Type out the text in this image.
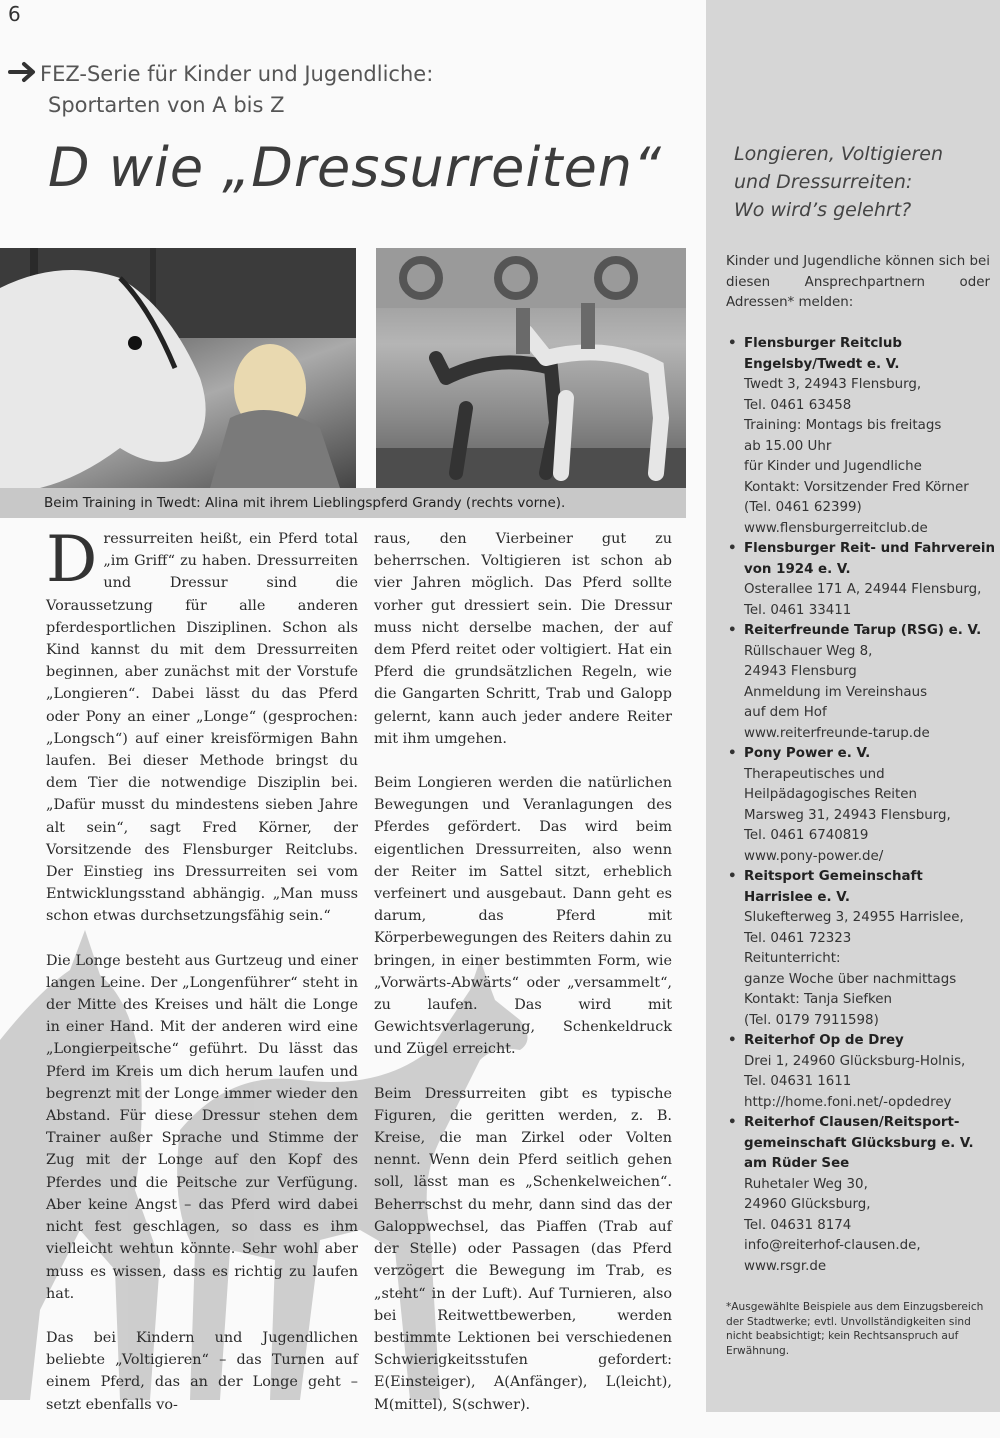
6
FEZ-Serie für Kinder und Jugendliche:
Sportarten von A bis Z
D wie „Dressurreiten“
Beim Training in Twedt: Alina mit ihrem Lieblingspferd Grandy (rechts vorne).

Dressurreiten heißt, ein Pferd total „im Griff“ zu haben. Dressurreiten und Dressur sind die Voraussetzung für alle anderen pferdesportlichen Disziplinen. Schon als Kind kannst du mit dem Dressurreiten beginnen, aber zunächst mit der Vorstufe „Longieren“. Dabei lässt du das Pferd oder Pony an einer „Longe“ (gesprochen: „Longsch“) auf einer kreisförmigen Bahn laufen. Bei dieser Methode bringst du dem Tier die notwendige Disziplin bei. „Dafür musst du mindestens sieben Jahre alt sein“, sagt Fred Körner, der Vorsitzende des Flensburger Reitclubs. Der Einstieg ins Dressurreiten sei vom Entwicklungsstand abhängig. „Man muss schon etwas durchsetzungsfähig sein.“

Die Longe besteht aus Gurtzeug und einer langen Leine. Der „Longenführer“ steht in der Mitte des Kreises und hält die Longe in einer Hand. Mit der anderen wird eine „Longierpeitsche“ geführt. Du lässt das Pferd im Kreis um dich herum laufen und begrenzt mit der Longe immer wieder den Abstand. Für diese Dressur stehen dem Trainer außer Sprache und Stimme der Zug mit der Longe auf den Kopf des Pferdes und die Peitsche zur Verfügung. Aber keine Angst – das Pferd wird dabei nicht fest geschlagen, so dass es ihm vielleicht wehtun könnte. Sehr wohl aber muss es wissen, dass es richtig zu laufen hat.

Das bei Kindern und Jugendlichen beliebte „Voltigieren“ – das Turnen auf einem Pferd, das an der Longe geht – setzt ebenfalls vo-

raus, den Vierbeiner gut zu beherrschen. Voltigieren ist schon ab vier Jahren möglich. Das Pferd sollte vorher gut dressiert sein. Die Dressur muss nicht derselbe machen, der auf dem Pferd reitet oder voltigiert. Hat ein Pferd die grundsätzlichen Regeln, wie die Gangarten Schritt, Trab und Galopp gelernt, kann auch jeder andere Reiter mit ihm umgehen.

Beim Longieren werden die natürlichen Bewegungen und Veranlagungen des Pferdes gefördert. Das wird beim eigentlichen Dressurreiten, also wenn der Reiter im Sattel sitzt, erheblich verfeinert und ausgebaut. Dann geht es darum, das Pferd mit Körperbewegungen des Reiters dahin zu bringen, in einer bestimmten Form, wie „Vorwärts-Abwärts“ oder „versammelt“, zu laufen. Das wird mit Gewichtsverlagerung, Schenkeldruck und Zügel erreicht.

Beim Dressurreiten gibt es typische Figuren, die geritten werden, z. B. Kreise, die man Zirkel oder Volten nennt. Wenn dein Pferd seitlich gehen soll, lässt man es „Schenkelweichen“. Beherrschst du mehr, dann sind das der Galoppwechsel, das Piaffen (Trab auf der Stelle) oder Passagen (das Pferd verzögert die Bewegung im Trab, es „steht“ in der Luft). Auf Turnieren, also bei Reitwettbewerben, werden bestimmte Lektionen bei verschiedenen Schwierigkeitsstufen gefordert: E(Einsteiger), A(Anfänger), L(leicht), M(mittel), S(schwer).

Longieren, Voltigieren
und Dressurreiten:
Wo wird’s gelehrt?
Kinder und Jugendliche können sich bei diesen Ansprechpartnern oder Adressen* melden:
• Flensburger Reitclub
Engelsby/Twedt e. V.
Twedt 3, 24943 Flensburg,
Tel. 0461 63458
Training: Montags bis freitags
ab 15.00 Uhr
für Kinder und Jugendliche
Kontakt: Vorsitzender Fred Körner
(Tel. 0461 62399)
www.flensburgerreitclub.de
• Flensburger Reit- und Fahrverein
von 1924 e. V.
Osterallee 171 A, 24944 Flensburg,
Tel. 0461 33411
• Reiterfreunde Tarup (RSG) e. V.
Rüllschauer Weg 8,
24943 Flensburg
Anmeldung im Vereinshaus
auf dem Hof
www.reiterfreunde-tarup.de
• Pony Power e. V.
Therapeutisches und
Heilpädagogisches Reiten
Marsweg 31, 24943 Flensburg,
Tel. 0461 6740819
www.pony-power.de/
• Reitsport Gemeinschaft
Harrislee e. V.
Slukefterweg 3, 24955 Harrislee,
Tel. 0461 72323
Reitunterricht:
ganze Woche über nachmittags
Kontakt: Tanja Siefken
(Tel. 0179 7911598)
• Reiterhof Op de Drey
Drei 1, 24960 Glücksburg-Holnis,
Tel. 04631 1611
http://home.foni.net/-opdedrey
• Reiterhof Clausen/Reitsport-
gemeinschaft Glücksburg e. V.
am Rüder See
Ruhetaler Weg 30,
24960 Glücksburg,
Tel. 04631 8174
info@reiterhof-clausen.de,
www.rsgr.de
*Ausgewählte Beispiele aus dem Einzugsbereich der Stadtwerke; evtl. Unvollständigkeiten sind nicht beabsichtigt; kein Rechtsanspruch auf Erwähnung.
